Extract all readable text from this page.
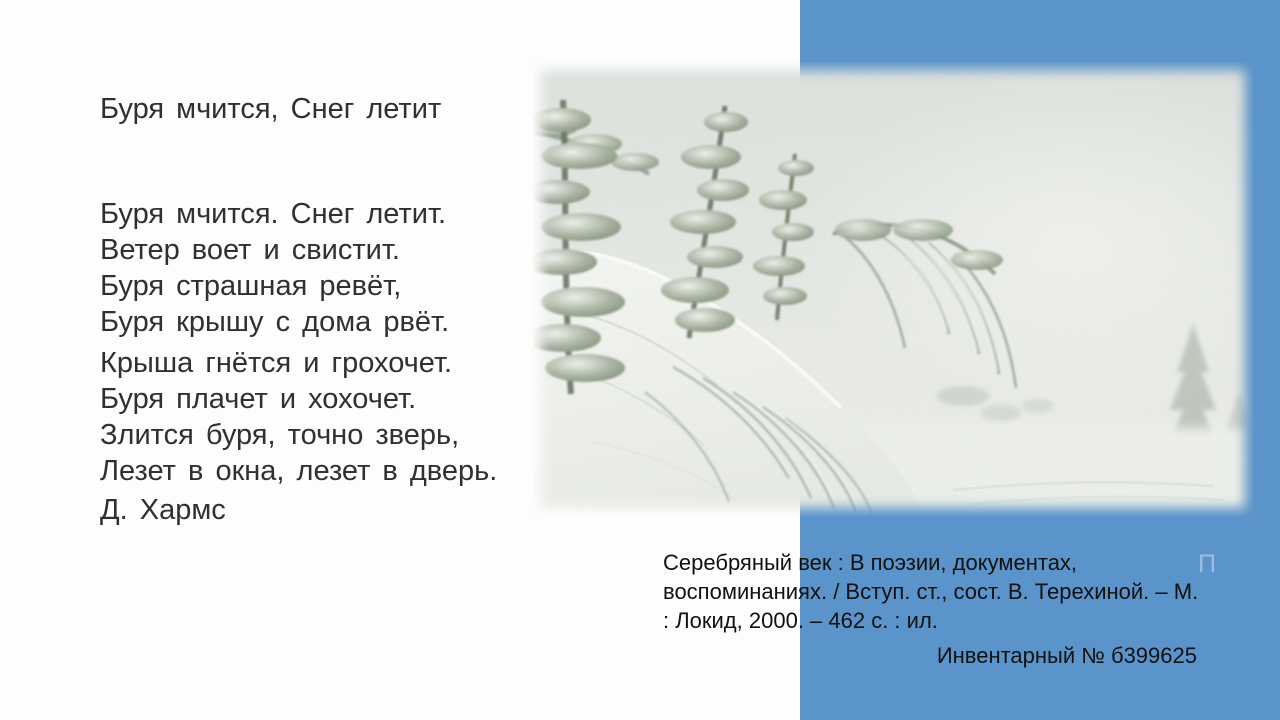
Буря мчится, Снег летит
Буря мчится. Снег летит.
Ветер воет и свистит.
Буря страшная ревёт,
Буря крышу с дома рвёт.
Крыша гнётся и грохочет.
Буря плачет и хохочет.
Злится буря, точно зверь,
Лезет в окна, лезет в дверь.
Д. Хармс
Серебряный век : В поэзии, документах,
воспоминаниях. / Вступ. ст., сост. В. Терехиной. – М.
: Локид, 2000. – 462 с. : ил.
Инвентарный № б399625
П
